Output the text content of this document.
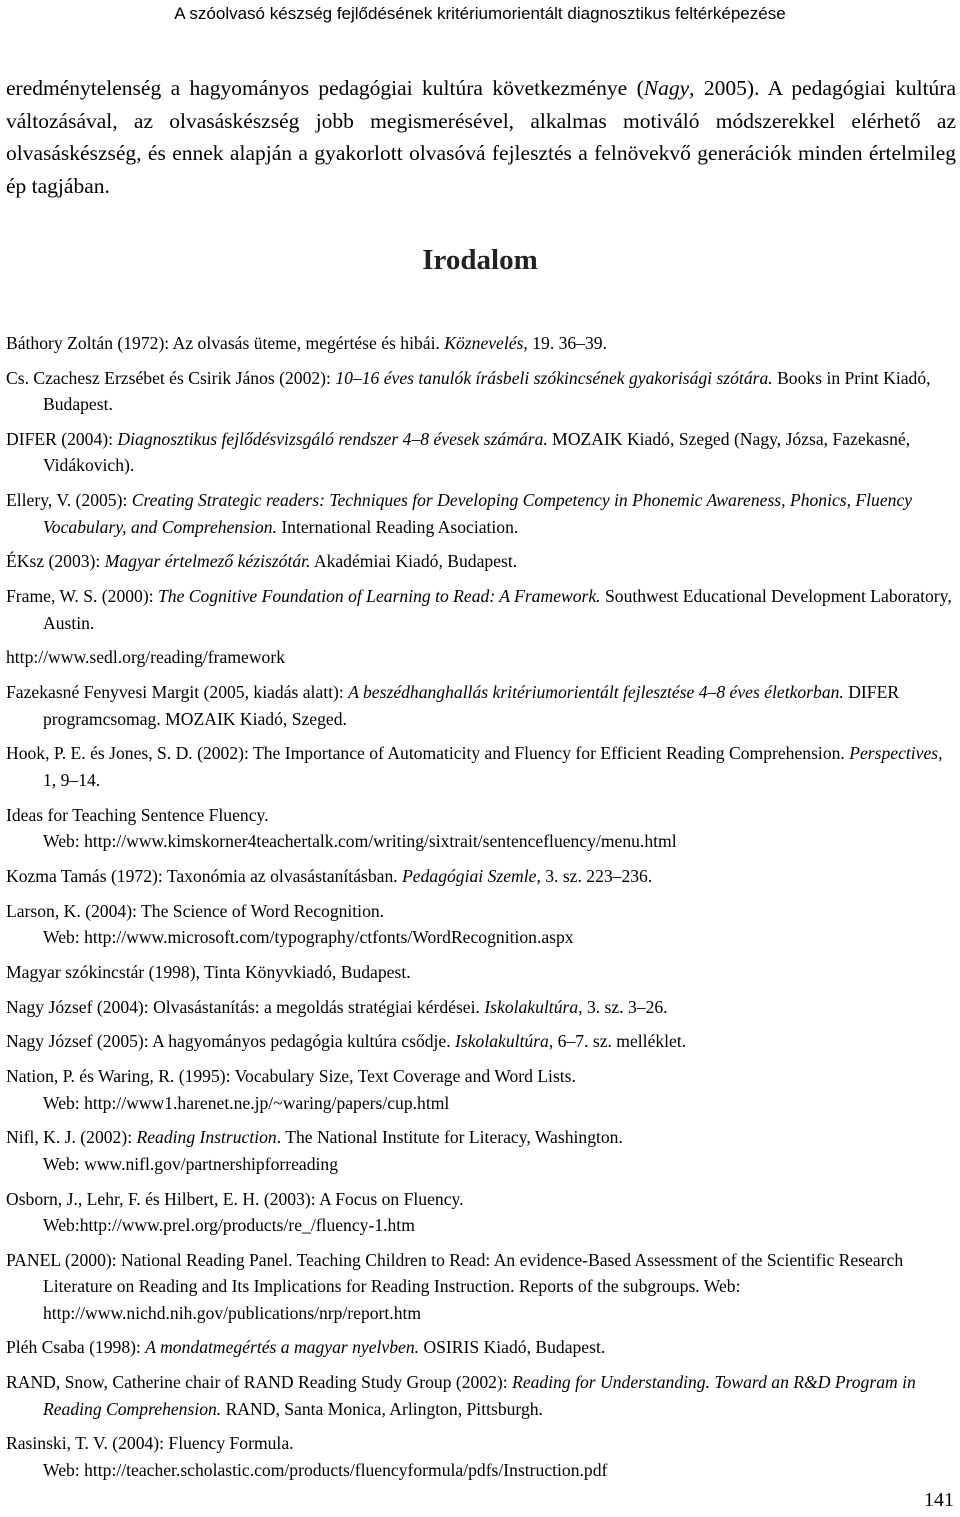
A szóolvasó készség fejlődésének kritériumorientált diagnosztikus feltérképezése
eredménytelenség a hagyományos pedagógiai kultúra következménye (Nagy, 2005). A pedagógiai kultúra változásával, az olvasáskészség jobb megismerésével, alkalmas motiváló módszerekkel elérhető az olvasáskészség, és ennek alapján a gyakorlott olvasóvá fejlesztés a felnövekvő generációk minden értelmileg ép tagjában.
Irodalom
Báthory Zoltán (1972): Az olvasás üteme, megértése és hibái. Köznevelés, 19. 36–39.
Cs. Czachesz Erzsébet és Csirik János (2002): 10–16 éves tanulók írásbeli szókincsének gyakorisági szótára. Books in Print Kiadó, Budapest.
DIFER (2004): Diagnosztikus fejlődésvizsgáló rendszer 4–8 évesek számára. MOZAIK Kiadó, Szeged (Nagy, Józsa, Fazekasné, Vidákovich).
Ellery, V. (2005): Creating Strategic readers: Techniques for Developing Competency in Phonemic Awareness, Phonics, Fluency Vocabulary, and Comprehension. International Reading Asociation.
ÉKsz (2003): Magyar értelmező kéziszótár. Akadémiai Kiadó, Budapest.
Frame, W. S. (2000): The Cognitive Foundation of Learning to Read: A Framework. Southwest Educational Development Laboratory, Austin.
http://www.sedl.org/reading/framework
Fazekasné Fenyvesi Margit (2005, kiadás alatt): A beszédhanghallás kritériumorientált fejlesztése 4–8 éves életkorban. DIFER programcsomag. MOZAIK Kiadó, Szeged.
Hook, P. E. és Jones, S. D. (2002): The Importance of Automaticity and Fluency for Efficient Reading Comprehension. Perspectives, 1, 9–14.
Ideas for Teaching Sentence Fluency.
Web: http://www.kimskorner4teachertalk.com/writing/sixtrait/sentencefluency/menu.html
Kozma Tamás (1972): Taxonómia az olvasástanításban. Pedagógiai Szemle, 3. sz. 223–236.
Larson, K. (2004): The Science of Word Recognition.
Web: http://www.microsoft.com/typography/ctfonts/WordRecognition.aspx
Magyar szókincstár (1998), Tinta Könyvkiadó, Budapest.
Nagy József (2004): Olvasástanítás: a megoldás stratégiai kérdései. Iskolakultúra, 3. sz. 3–26.
Nagy József (2005): A hagyományos pedagógia kultúra csődje. Iskolakultúra, 6–7. sz. melléklet.
Nation, P. és Waring, R. (1995): Vocabulary Size, Text Coverage and Word Lists.
Web: http://www1.harenet.ne.jp/~waring/papers/cup.html
Nifl, K. J. (2002): Reading Instruction. The National Institute for Literacy, Washington.
Web: www.nifl.gov/partnershipforreading
Osborn, J., Lehr, F. és Hilbert, E. H. (2003): A Focus on Fluency.
Web:http://www.prel.org/products/re_/fluency-1.htm
PANEL (2000): National Reading Panel. Teaching Children to Read: An evidence-Based Assessment of the Scientific Research Literature on Reading and Its Implications for Reading Instruction. Reports of the subgroups. Web: http://www.nichd.nih.gov/publications/nrp/report.htm
Pléh Csaba (1998): A mondatmegértés a magyar nyelvben. OSIRIS Kiadó, Budapest.
RAND, Snow, Catherine chair of RAND Reading Study Group (2002): Reading for Understanding. Toward an R&D Program in Reading Comprehension. RAND, Santa Monica, Arlington, Pittsburgh.
Rasinski, T. V. (2004): Fluency Formula.
Web: http://teacher.scholastic.com/products/fluencyformula/pdfs/Instruction.pdf
141
